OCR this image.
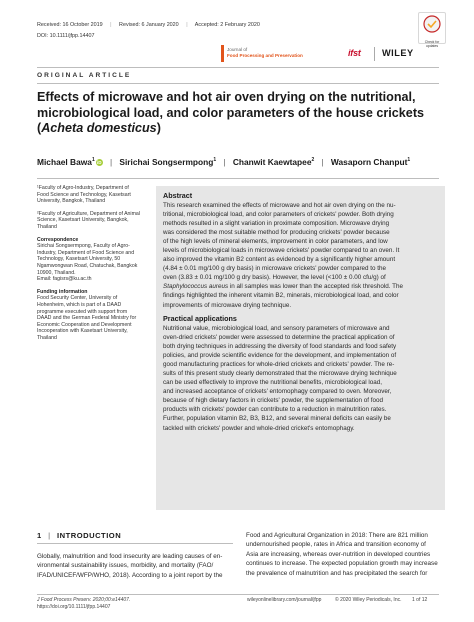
Received: 16 October 2019 | Revised: 6 January 2020 | Accepted: 2 February 2020
DOI: 10.1111/jfpp.14407
Check for updates
Journal of
Food Processing and Preservation	ifst WILEY
ORIGINAL ARTICLE
Effects of microwave and hot air oven drying on the nutritional, microbiological load, and color parameters of the house crickets (Acheta domesticus)
Michael Bawa$^1$ iD | Sirichai Songsermpong$^1$ | Chanwit Kaewtapee$^2$ | Wasaporn Chanput$^1$
¹Faculty of Agro-Industry, Department of Food Science and Technology, Kasetsart University, Bangkok, Thailand
²Faculty of Agriculture, Department of Animal Science, Kasetsart University, Bangkok, Thailand
Correspondence
Sirichai Songsermpong, Faculty of Agro-Industry, Department of Food Science and Technology, Kasetsart University, 50 Ngamwongwan Road, Chatuchak, Bangkok 10900, Thailand.
Email: fagisrs@ku.ac.th
Funding information
Food Security Center, University of Hohenheim, which is part of a DAAD programme executed with support from DAAD and the German Federal Ministry for Economic Cooperation and Development Incooperation with Kasetsart University, Thailand
Abstract
This research examined the effects of microwave and hot air oven drying on the nu-
tritional, microbiological load, and color parameters of crickets' powder. Both drying
methods resulted in a slight variation in proximate composition. Microwave drying
was considered the most suitable method for producing crickets' powder because
of the high levels of mineral elements, improvement in color parameters, and low
levels of microbiological loads in microwave crickets' powder compared to an oven. It
also improved the vitamin B2 content as evidenced by a significantly higher amount
(4.84 ± 0.01 mg/100 g dry basis) in microwave crickets' powder compared to the
oven (3.83 ± 0.01 mg/100 g dry basis). However, the level (<100 ± 0.00 cfu/g) of
Staphylococcus aureus in all samples was lower than the accepted risk threshold. The
findings highlighted the inherent vitamin B2, minerals, microbiological load, and color
improvements of microwave drying technique.
Practical applications
Nutritional value, microbiological load, and sensory parameters of microwave and
oven-dried crickets' powder were assessed to determine the practical application of
both drying techniques in addressing the diversity of food standards and food safety
policies, and provide scientific evidence for the development, and implementation of
good manufacturing practices for whole-dried crickets and crickets' powder. The re-
sults of this present study clearly demonstrated that the microwave drying technique
can be used effectively to improve the nutritional benefits, microbiological load,
and increased acceptance of crickets' entomophagy compared to oven. Moreover,
because of high dietary factors in crickets' powder, the supplementation of food
products with crickets' powder can contribute to a reduction in malnutrition rates.
Further, population vitamin B2, B3, B12, and several mineral deficits can easily be
tackled with crickets' powder and whole-dried cricket's entomophagy.
1 | INTRODUCTION
Globally, malnutrition and food insecurity are leading causes of en-
vironmental sustainability issues, morbidity, and mortality (FAO/
IFAD/UNICEF/WFP/WHO, 2018). According to a joint report by the
Food and Agricultural Organization in 2018: There are 821 million
undernourished people, rates in Africa and transition economy of
Asia are increasing, whereas over-nutrition in developed countries
continues to increase. The expected population growth may increase
the prevalence of malnutrition and has precipitated the search for
J Food Process Preserv. 2020;00:e14407.
https://doi.org/10.1111/jfpp.14407
wileyonlinelibrary.com/journal/jfpp	© 2020 Wiley Periodicals, Inc. 1 of 12
